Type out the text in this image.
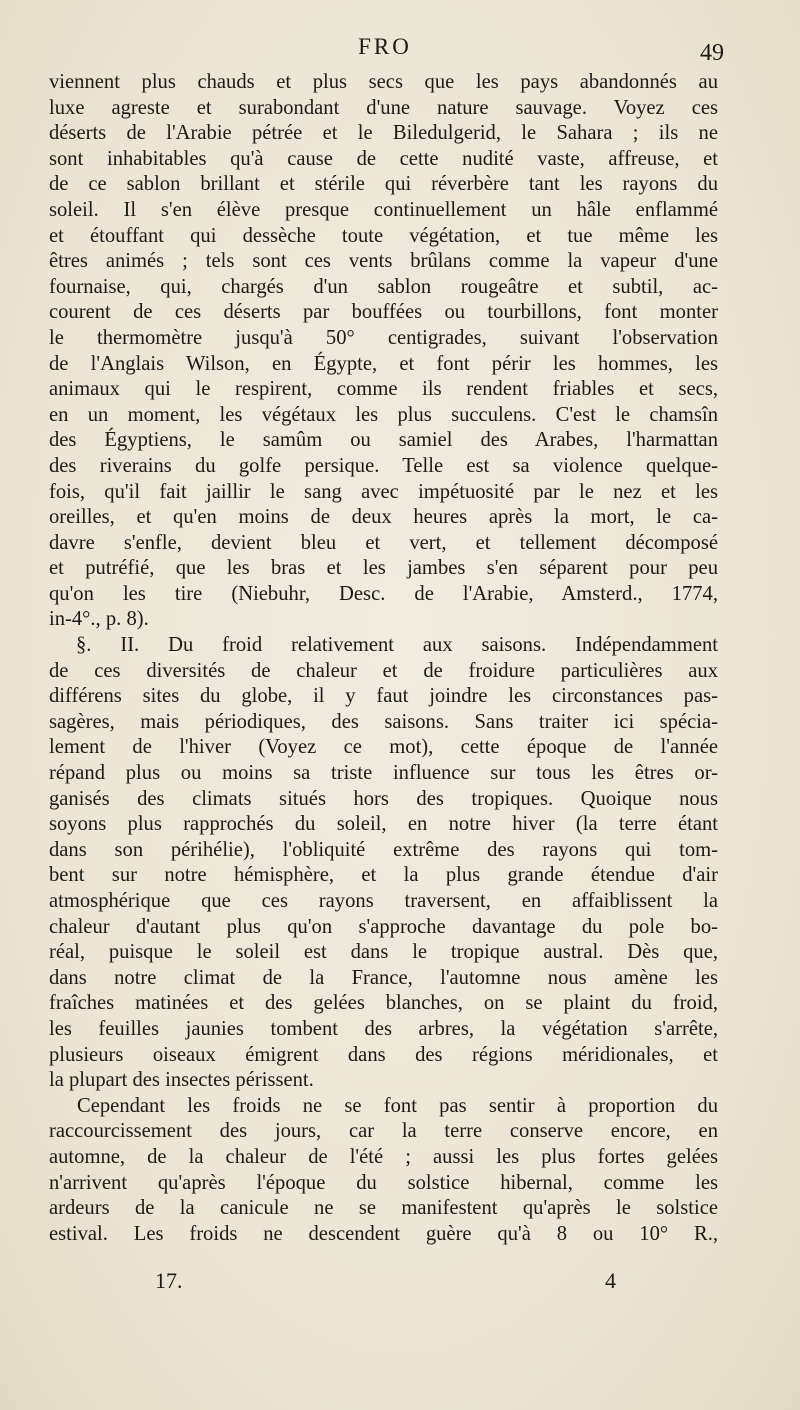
FRO	49
viennent plus chauds et plus secs que les pays abandonnés au
luxe agreste et surabondant d'une nature sauvage. Voyez ces
déserts de l'Arabie pétrée et le Biledulgerid, le Sahara ; ils ne
sont inhabitables qu'à cause de cette nudité vaste, affreuse, et
de ce sablon brillant et stérile qui réverbère tant les rayons du
soleil. Il s'en élève presque continuellement un hâle enflammé
et étouffant qui dessèche toute végétation, et tue même les
êtres animés ; tels sont ces vents brûlans comme la vapeur d'une
fournaise, qui, chargés d'un sablon rougeâtre et subtil, ac-
courent de ces déserts par bouffées ou tourbillons, font monter
le thermomètre jusqu'à 50° centigrades, suivant l'observation
de l'Anglais Wilson, en Égypte, et font périr les hommes, les
animaux qui le respirent, comme ils rendent friables et secs,
en un moment, les végétaux les plus succulens. C'est le chamsîn
des Égyptiens, le samûm ou samiel des Arabes, l'harmattan
des riverains du golfe persique. Telle est sa violence quelque-
fois, qu'il fait jaillir le sang avec impétuosité par le nez et les
oreilles, et qu'en moins de deux heures après la mort, le ca-
davre s'enfle, devient bleu et vert, et tellement décomposé
et putréfié, que les bras et les jambes s'en séparent pour peu
qu'on les tire (Niebuhr, Desc. de l'Arabie, Amsterd., 1774,
in-4°., p. 8).
§. II. Du froid relativement aux saisons. Indépendamment
de ces diversités de chaleur et de froidure particulières aux
différens sites du globe, il y faut joindre les circonstances pas-
sagères, mais périodiques, des saisons. Sans traiter ici spécia-
lement de l'hiver (Voyez ce mot), cette époque de l'année
répand plus ou moins sa triste influence sur tous les êtres or-
ganisés des climats situés hors des tropiques. Quoique nous
soyons plus rapprochés du soleil, en notre hiver (la terre étant
dans son périhélie), l'obliquité extrême des rayons qui tom-
bent sur notre hémisphère, et la plus grande étendue d'air
atmosphérique que ces rayons traversent, en affaiblissent la
chaleur d'autant plus qu'on s'approche davantage du pole bo-
réal, puisque le soleil est dans le tropique austral. Dès que,
dans notre climat de la France, l'automne nous amène les
fraîches matinées et des gelées blanches, on se plaint du froid,
les feuilles jaunies tombent des arbres, la végétation s'arrête,
plusieurs oiseaux émigrent dans des régions méridionales, et
la plupart des insectes périssent.
Cependant les froids ne se font pas sentir à proportion du
raccourcissement des jours, car la terre conserve encore, en
automne, de la chaleur de l'été ; aussi les plus fortes gelées
n'arrivent qu'après l'époque du solstice hibernal, comme les
ardeurs de la canicule ne se manifestent qu'après le solstice
estival. Les froids ne descendent guère qu'à 8 ou 10° R.,
17.	4
